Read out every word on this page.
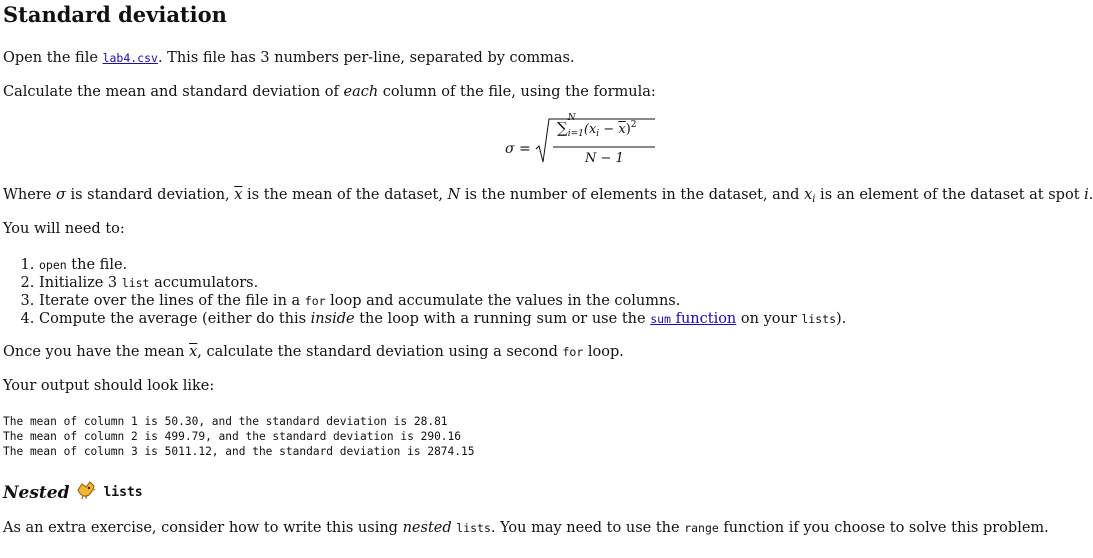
Standard deviation
Open the file lab4.csv. This file has 3 numbers per-line, separated by commas.
Calculate the mean and standard deviation of each column of the file, using the formula:
σ =
∑
N
$_{i=1}(x_i - \overline{x})^2$
N − 1
Where σ is standard deviation, $\overline{x}$ is the mean of the dataset, N is the number of elements in the dataset, and $x_i$ is an element of the dataset at spot i.
You will need to:
1. open the file.
2. Initialize 3 list accumulators.
3. Iterate over the lines of the file in a for loop and accumulate the values in the columns.
4. Compute the average (either do this inside the loop with a running sum or use the sum function on your lists).
Once you have the mean $\overline{x}$, calculate the standard deviation using a second for loop.
Your output should look like:
The mean of column 1 is 50.30, and the standard deviation is 28.81
The mean of column 2 is 499.79, and the standard deviation is 290.16
The mean of column 3 is 5011.12, and the standard deviation is 2874.15
Nested	lists
As an extra exercise, consider how to write this using nested lists. You may need to use the range function if you choose to solve this problem.
